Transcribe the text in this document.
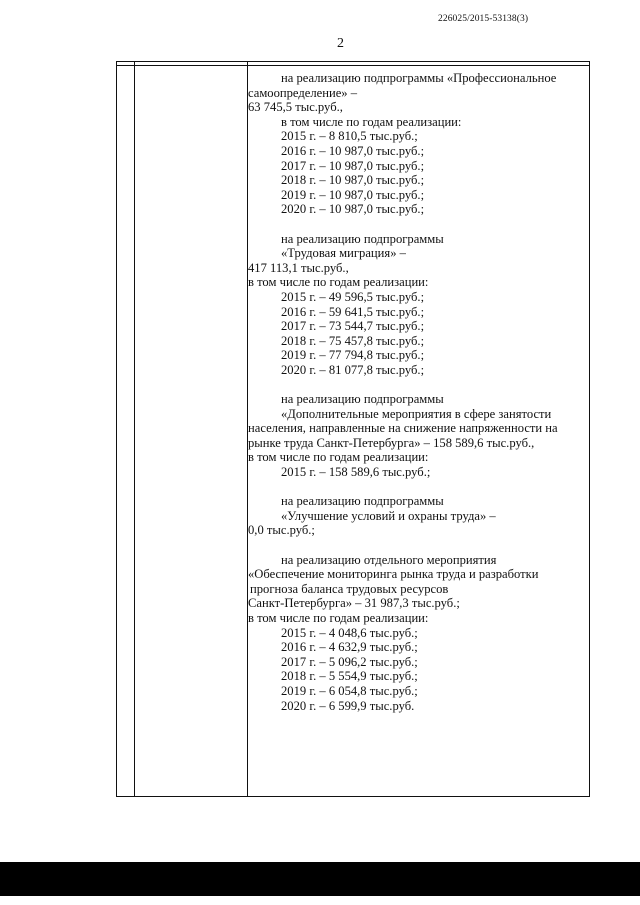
226025/2015-53138(3)
2
на реализацию подпрограммы «Профессиональное
самоопределение» –
63 745,5 тыс.руб.,
в том числе по годам реализации:
2015 г. – 8 810,5 тыс.руб.;
2016 г. – 10 987,0 тыс.руб.;
2017 г. – 10 987,0 тыс.руб.;
2018 г. – 10 987,0 тыс.руб.;
2019 г. – 10 987,0 тыс.руб.;
2020 г. – 10 987,0 тыс.руб.;
на реализацию подпрограммы
«Трудовая миграция» –
417 113,1 тыс.руб.,
в том числе по годам реализации:
2015 г. – 49 596,5 тыс.руб.;
2016 г. – 59 641,5 тыс.руб.;
2017 г. – 73 544,7 тыс.руб.;
2018 г. – 75 457,8 тыс.руб.;
2019 г. – 77 794,8 тыс.руб.;
2020 г. – 81 077,8 тыс.руб.;
на реализацию подпрограммы
«Дополнительные мероприятия в сфере занятости
населения, направленные на снижение напряженности на
рынке труда Санкт-Петербурга» – 158 589,6 тыс.руб.,
в том числе по годам реализации:
2015 г. – 158 589,6 тыс.руб.;
на реализацию подпрограммы
«Улучшение условий и охраны труда» –
0,0 тыс.руб.;
на реализацию отдельного мероприятия
«Обеспечение мониторинга рынка труда и разработки
прогноза баланса трудовых ресурсов
Санкт-Петербурга» – 31 987,3 тыс.руб.;
в том числе по годам реализации:
2015 г. – 4 048,6 тыс.руб.;
2016 г. – 4 632,9 тыс.руб.;
2017 г. – 5 096,2 тыс.руб.;
2018 г. – 5 554,9 тыс.руб.;
2019 г. – 6 054,8 тыс.руб.;
2020 г. – 6 599,9 тыс.руб.
